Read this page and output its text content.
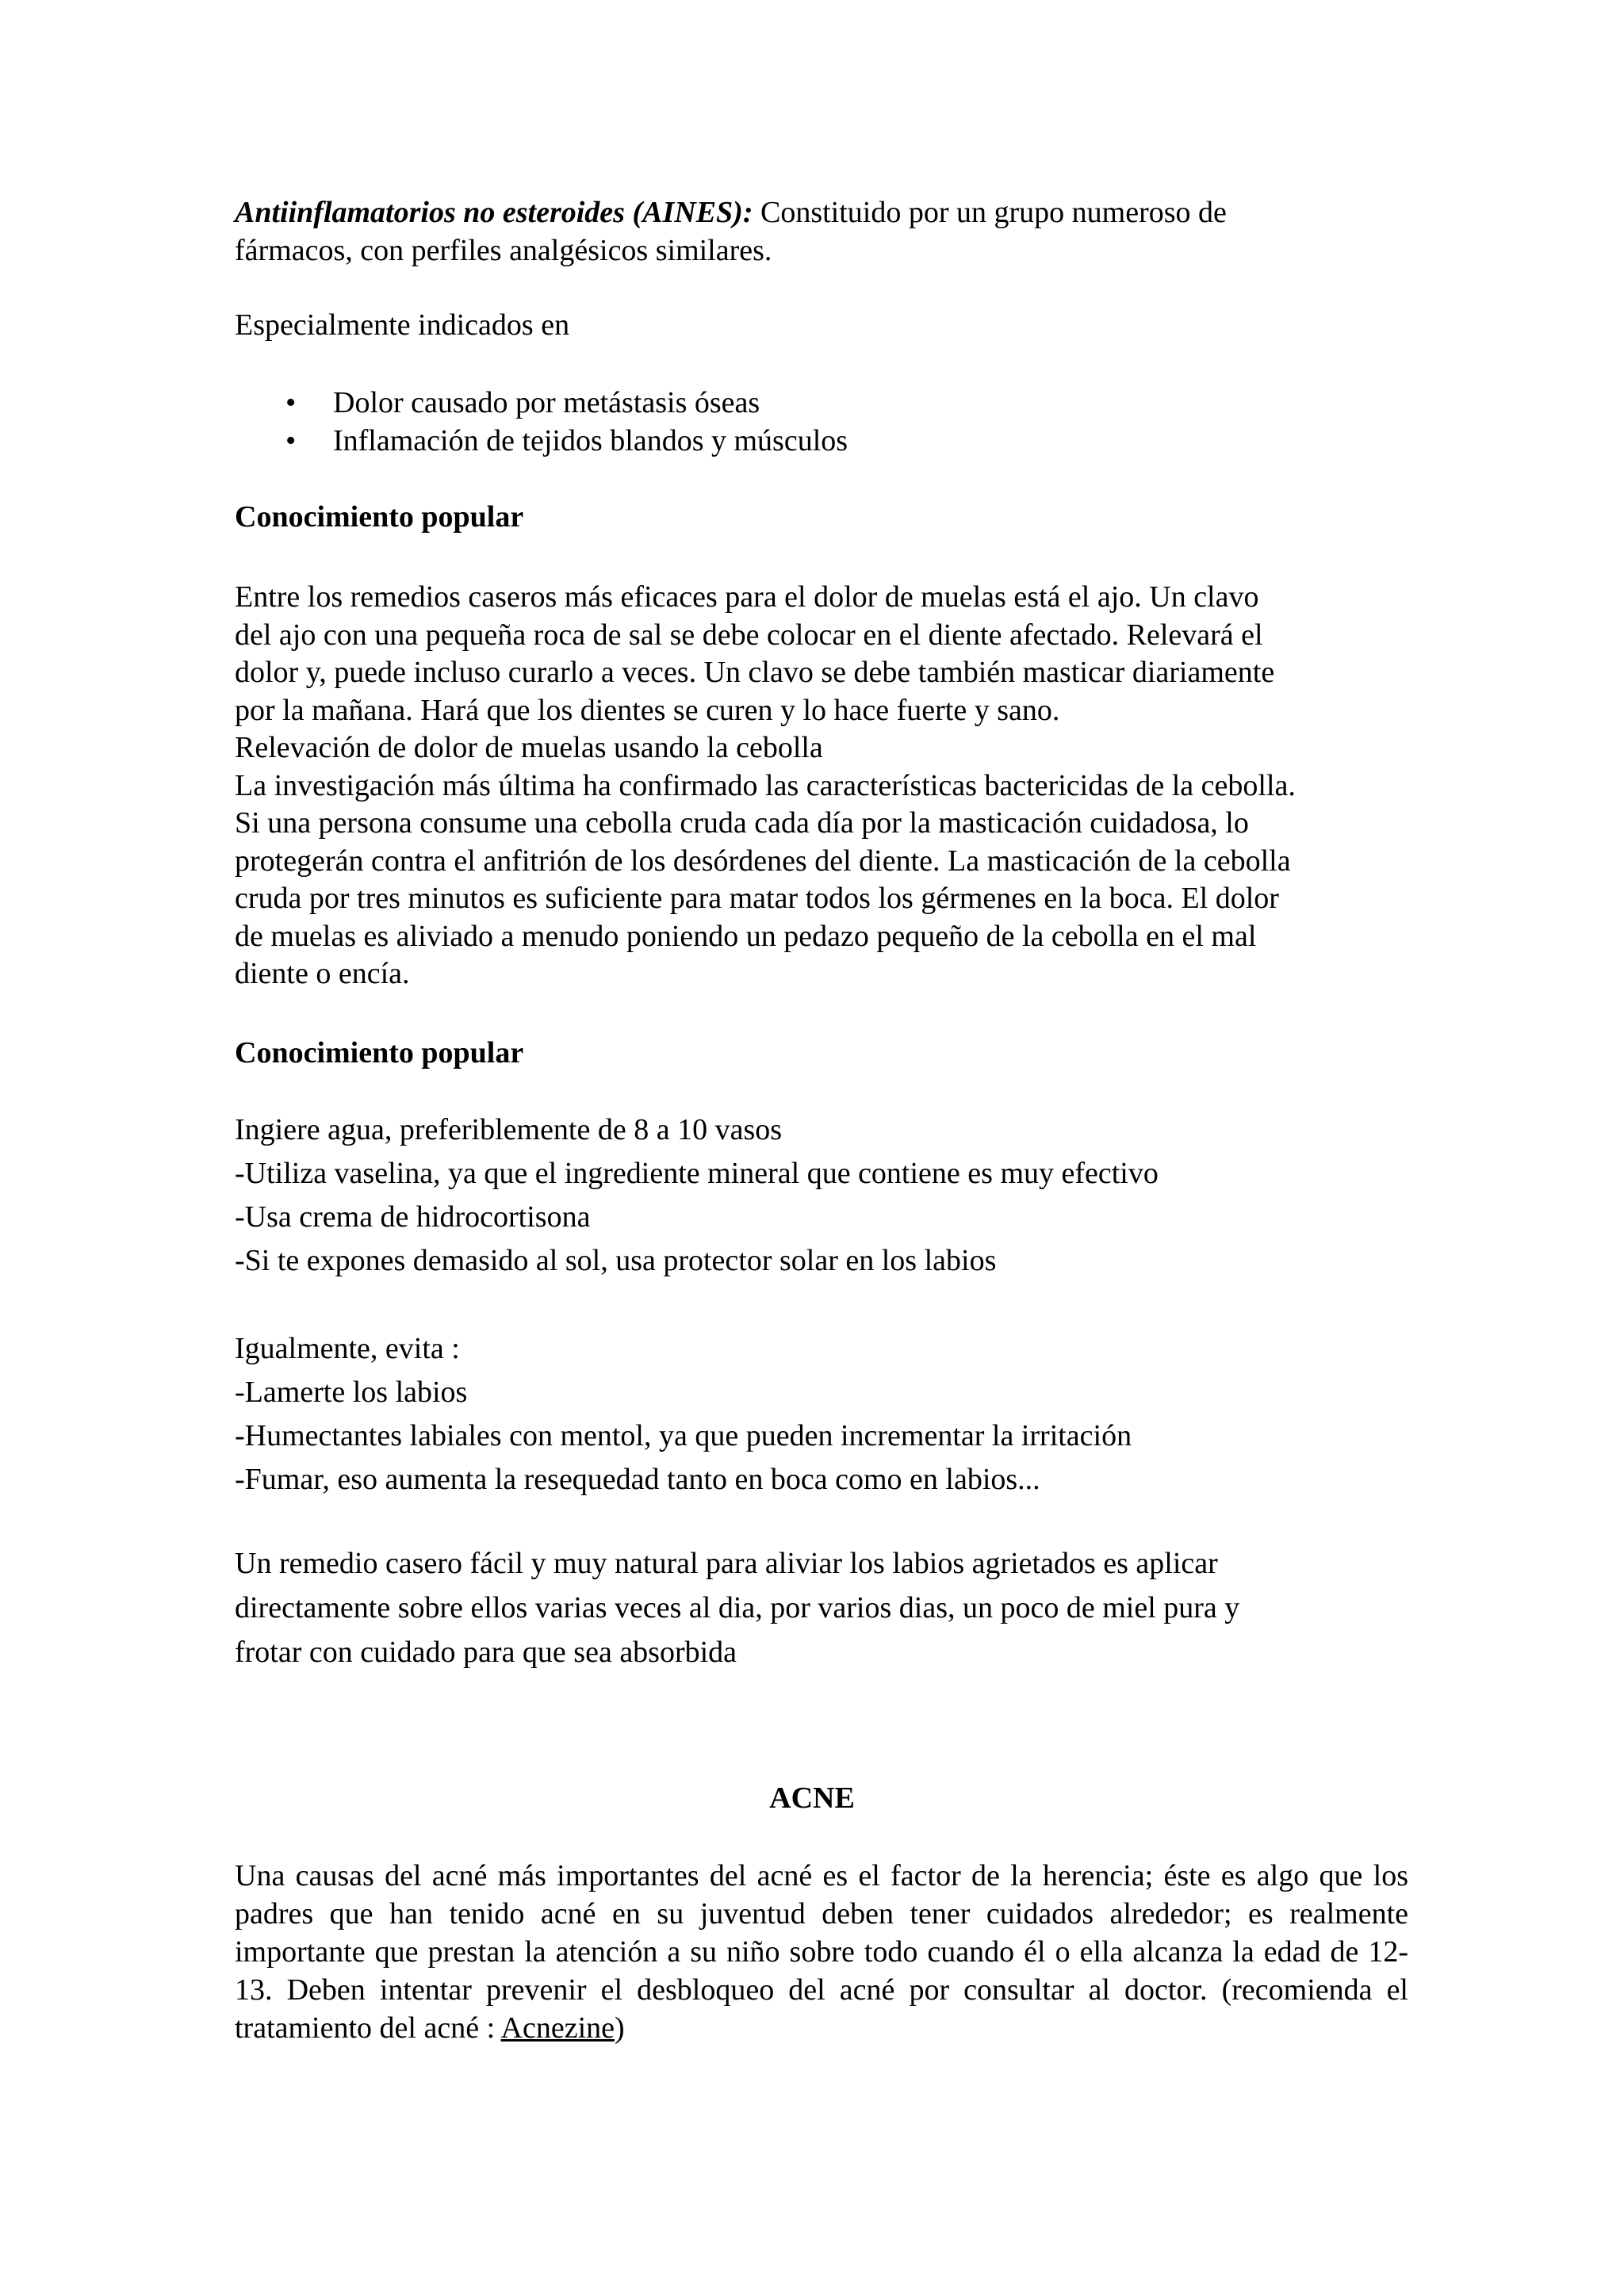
Antiinflamatorios no esteroides (AINES): Constituido por un grupo numeroso de

fármacos, con perfiles analgésicos similares.

Especialmente indicados en
• Dolor causado por metástasis óseas
• Inflamación de tejidos blandos y músculos
Conocimiento popular

Entre los remedios caseros más eficaces para el dolor de muelas está el ajo. Un clavo

del ajo con una pequeña roca de sal se debe colocar en el diente afectado. Relevará el

dolor y, puede incluso curarlo a veces. Un clavo se debe también masticar diariamente

por la mañana. Hará que los dientes se curen y lo hace fuerte y sano.

Relevación de dolor de muelas usando la cebolla

La investigación más última ha confirmado las características bactericidas de la cebolla.

Si una persona consume una cebolla cruda cada día por la masticación cuidadosa, lo

protegerán contra el anfitrión de los desórdenes del diente. La masticación de la cebolla

cruda por tres minutos es suficiente para matar todos los gérmenes en la boca. El dolor

de muelas es aliviado a menudo poniendo un pedazo pequeño de la cebolla en el mal

diente o encía.

Conocimiento popular

Ingiere agua, preferiblemente de 8 a 10 vasos

-Utiliza vaselina, ya que el ingrediente mineral que contiene es muy efectivo

-Usa crema de hidrocortisona

-Si te expones demasido al sol, usa protector solar en los labios

Igualmente, evita :

-Lamerte los labios

-Humectantes labiales con mentol, ya que pueden incrementar la irritación

-Fumar, eso aumenta la resequedad tanto en boca como en labios...

Un remedio casero fácil y muy natural para aliviar los labios agrietados es aplicar

directamente sobre ellos varias veces al dia, por varios dias, un poco de miel pura y

frotar con cuidado para que sea absorbida

ACNE

Una causas del acné más importantes del acné es el factor de la herencia; éste es algo que los padres que han tenido acné en su juventud deben tener cuidados alrededor; es realmente importante que prestan la atención a su niño sobre todo cuando él o ella alcanza la edad de 12-13. Deben intentar prevenir el desbloqueo del acné por consultar al doctor. (recomienda el tratamiento del acné : Acnezine)
